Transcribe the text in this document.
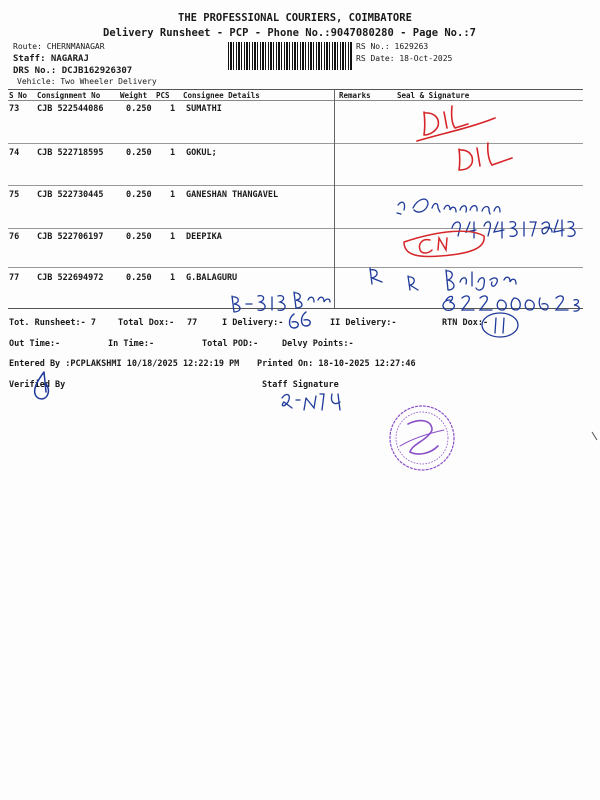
THE PROFESSIONAL COURIERS, COIMBATORE
Delivery Runsheet - PCP - Phone No.:9047080280 - Page No.:7
Route: CHERNMANAGAR
Staff: NAGARAJ
DRS No.: DCJB162926307
Vehicle: Two Wheeler Delivery
RS No.: 1629263
RS Date: 18-Oct-2025
S No Consignment No	Weight PCS Consignee Details	Remarks	Seal & Signature
73 CJB 522544086	0.250 1 SUMATHI
74 CJB 522718595	0.250 1 GOKUL;
75 CJB 522730445	0.250 1 GANESHAN THANGAVEL
76 CJB 522706197	0.250 1 DEEPIKA
77 CJB 522694972	0.250 1 G.BALAGURU
Tot. Runsheet:- 7	Total Dox:- 77	I Delivery:-	II Delivery:-	RTN Dox:-
Out Time:-	In Time:-	Total POD:-	Delvy Points:-
Entered By :PCPLAKSHMI 10/18/2025 12:22:19 PM Printed On: 18-10-2025 12:27:46
Verified By	Staff Signature
